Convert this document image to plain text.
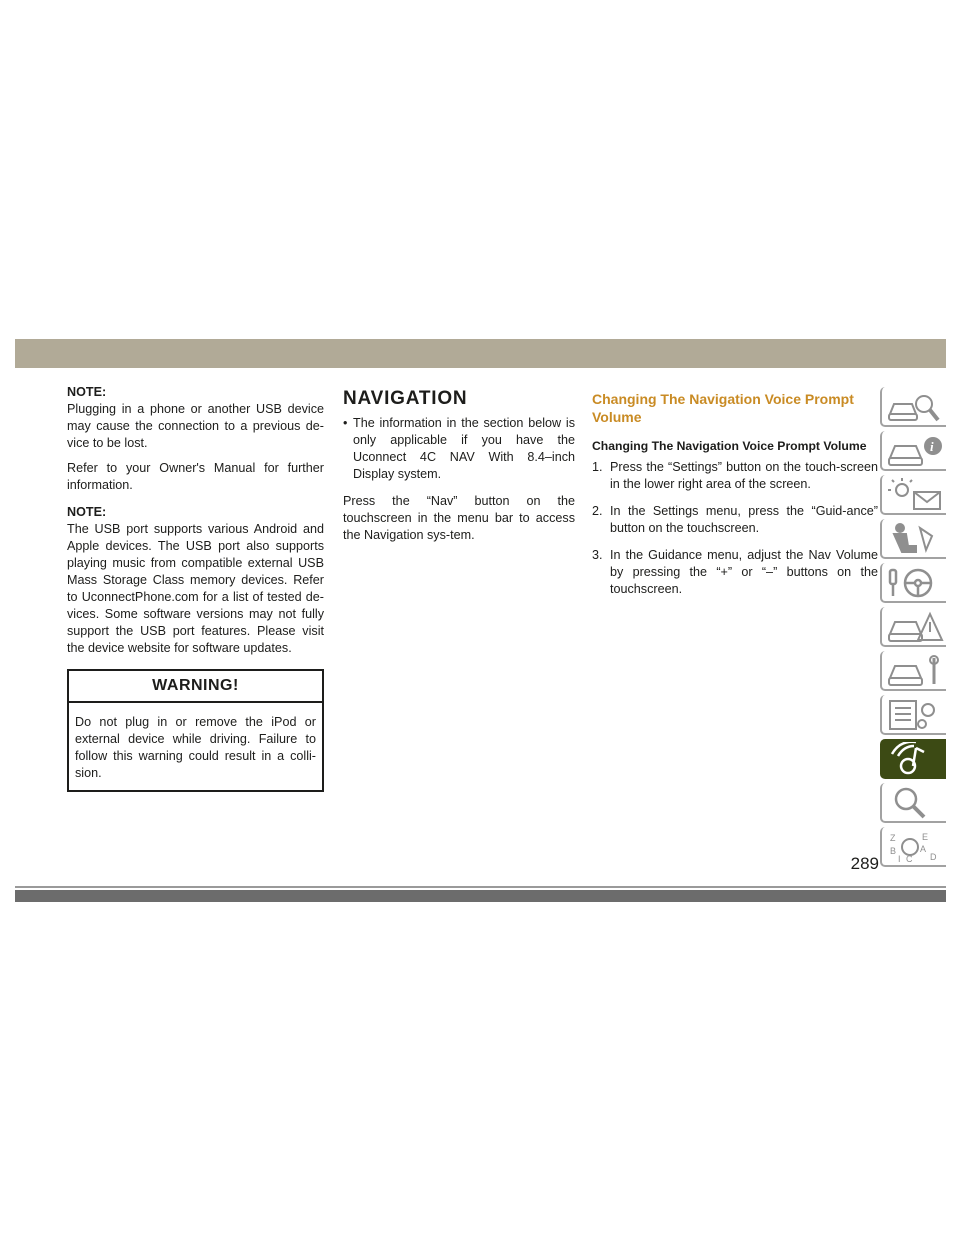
NOTE:

Plugging in a phone or another USB device may cause the connection to a previous de-vice to be lost.

Refer to your Owner's Manual for further information.

NOTE:

The USB port supports various Android and Apple devices. The USB port also supports playing music from compatible external USB Mass Storage Class memory devices. Refer to UconnectPhone.com for a list of tested de-vices. Some software versions may not fully support the USB port features. Please visit the device website for software updates.

WARNING!

Do not plug in or remove the iPod or external device while driving. Failure to follow this warning could result in a colli-sion.

NAVIGATION
• The information in the section below is only applicable if you have the Uconnect 4C NAV With 8.4–inch Display system.

Press the “Nav” button on the touchscreen in the menu bar to access the Navigation sys-tem.

Changing The Navigation Voice Prompt Volume

Changing The Navigation Voice Prompt Volume

1. Press the “Settings” button on the touch-screen in the lower right area of the screen.
2. In the Settings menu, press the “Guid-ance” button on the touchscreen.
3. In the Guidance menu, adjust the Nav Volume by pressing the “+” or “–” buttons on the touchscreen.
i
Z	E
B	A
I C D
289
